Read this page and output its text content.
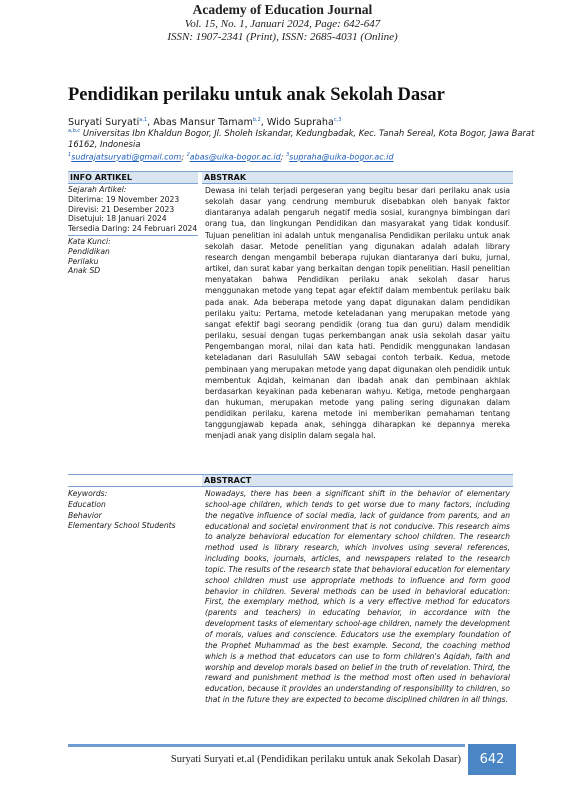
Academy of Education Journal
Vol. 15, No. 1, Januari 2024, Page: 642-647
ISSN: 1907-2341 (Print), ISSN: 2685-4031 (Online)
Pendidikan perilaku untuk anak Sekolah Dasar
Suryati Suryati$^{a,1}$, Abas Mansur Tamam$^{b,2}$, Wido Supraha$^{c,3}$
$^{a,b,c}$ Universitas Ibn Khaldun Bogor, Jl. Sholeh Iskandar, Kedungbadak, Kec. Tanah Sereal, Kota Bogor, Jawa Barat 16162, Indonesia
$^1$sudrajatsuryati@gmail.com; $^2$abas@uika-bogor.ac.id; $^3$supraha@uika-bogor.ac.id
INFO ARTIKEL	ABSTRAK
Sejarah Artikel:
Diterima: 19 November 2023
Direvisi: 21 Desember 2023
Disetujui: 18 Januari 2024
Tersedia Daring: 24 Februari 2024
Kata Kunci:
Pendidikan
Perilaku
Anak SD
Dewasa ini telah terjadi pergeseran yang begitu besar dari perilaku anak usia sekolah dasar yang cendrung memburuk disebabkan oleh banyak faktor diantaranya adalah pengaruh negatif media sosial, kurangnya bimbingan dari orang tua, dan lingkungan Pendidikan dan masyarakat yang tidak kondusif. Tujuan penelitian ini adalah untuk menganalisa Pendidikan perilaku untuk anak sekolah dasar. Metode penelitian yang digunakan adalah adalah library research dengan mengambil beberapa rujukan diantaranya dari buku, jurnal, artikel, dan surat kabar yang berkaitan dengan topik penelitian. Hasil penelitian menyatakan bahwa Pendidikan perilaku anak sekolah dasar harus menggunakan metode yang tepat agar efektif dalam membentuk perilaku baik pada anak. Ada beberapa metode yang dapat digunakan dalam pendidikan perilaku yaitu: Pertama, metode keteladanan yang merupakan metode yang sangat efektif bagi seorang pendidik (orang tua dan guru) dalam mendidik perilaku, sesuai dengan tugas perkembangan anak usia sekolah dasar yaitu Pengembangan moral, nilai dan kata hati. Pendidik menggunakan landasan keteladanan dari Rasulullah SAW sebagai contoh terbaik. Kedua, metode pembinaan yang merupakan metode yang dapat digunakan oleh pendidik untuk membentuk Aqidah, keimanan dan ibadah anak dan pembinaan akhlak berdasarkan keyakinan pada kebenaran wahyu. Ketiga, metode penghargaan dan hukuman, merupakan metode yang paling sering digunakan dalam pendidikan perilaku, karena metode ini memberikan pemahaman tentang tanggungjawab kepada anak, sehingga diharapkan ke depannya mereka menjadi anak yang disiplin dalam segala hal.
ABSTRACT
Keywords:
Education
Behavior
Elementary School Students
Nowadays, there has been a significant shift in the behavior of elementary school-age children, which tends to get worse due to many factors, including the negative influence of social media, lack of guidance from parents, and an educational and societal environment that is not conducive. This research aims to analyze behavioral education for elementary school children. The research method used is library research, which involves using several references, including books, journals, articles, and newspapers related to the research topic. The results of the research state that behavioral education for elementary school children must use appropriate methods to influence and form good behavior in children. Several methods can be used in behavioral education: First, the exemplary method, which is a very effective method for educators (parents and teachers) in educating behavior, in accordance with the development tasks of elementary school-age children, namely the development of morals, values and conscience. Educators use the exemplary foundation of the Prophet Muhammad as the best example. Second, the coaching method which is a method that educators can use to form children's Aqidah, faith and worship and develop morals based on belief in the truth of revelation. Third, the reward and punishment method is the method most often used in behavioral education, because it provides an understanding of responsibility to children, so that in the future they are expected to become disciplined children in all things.
Suryati Suryati et.al (Pendidikan perilaku untuk anak Sekolah Dasar)	642
